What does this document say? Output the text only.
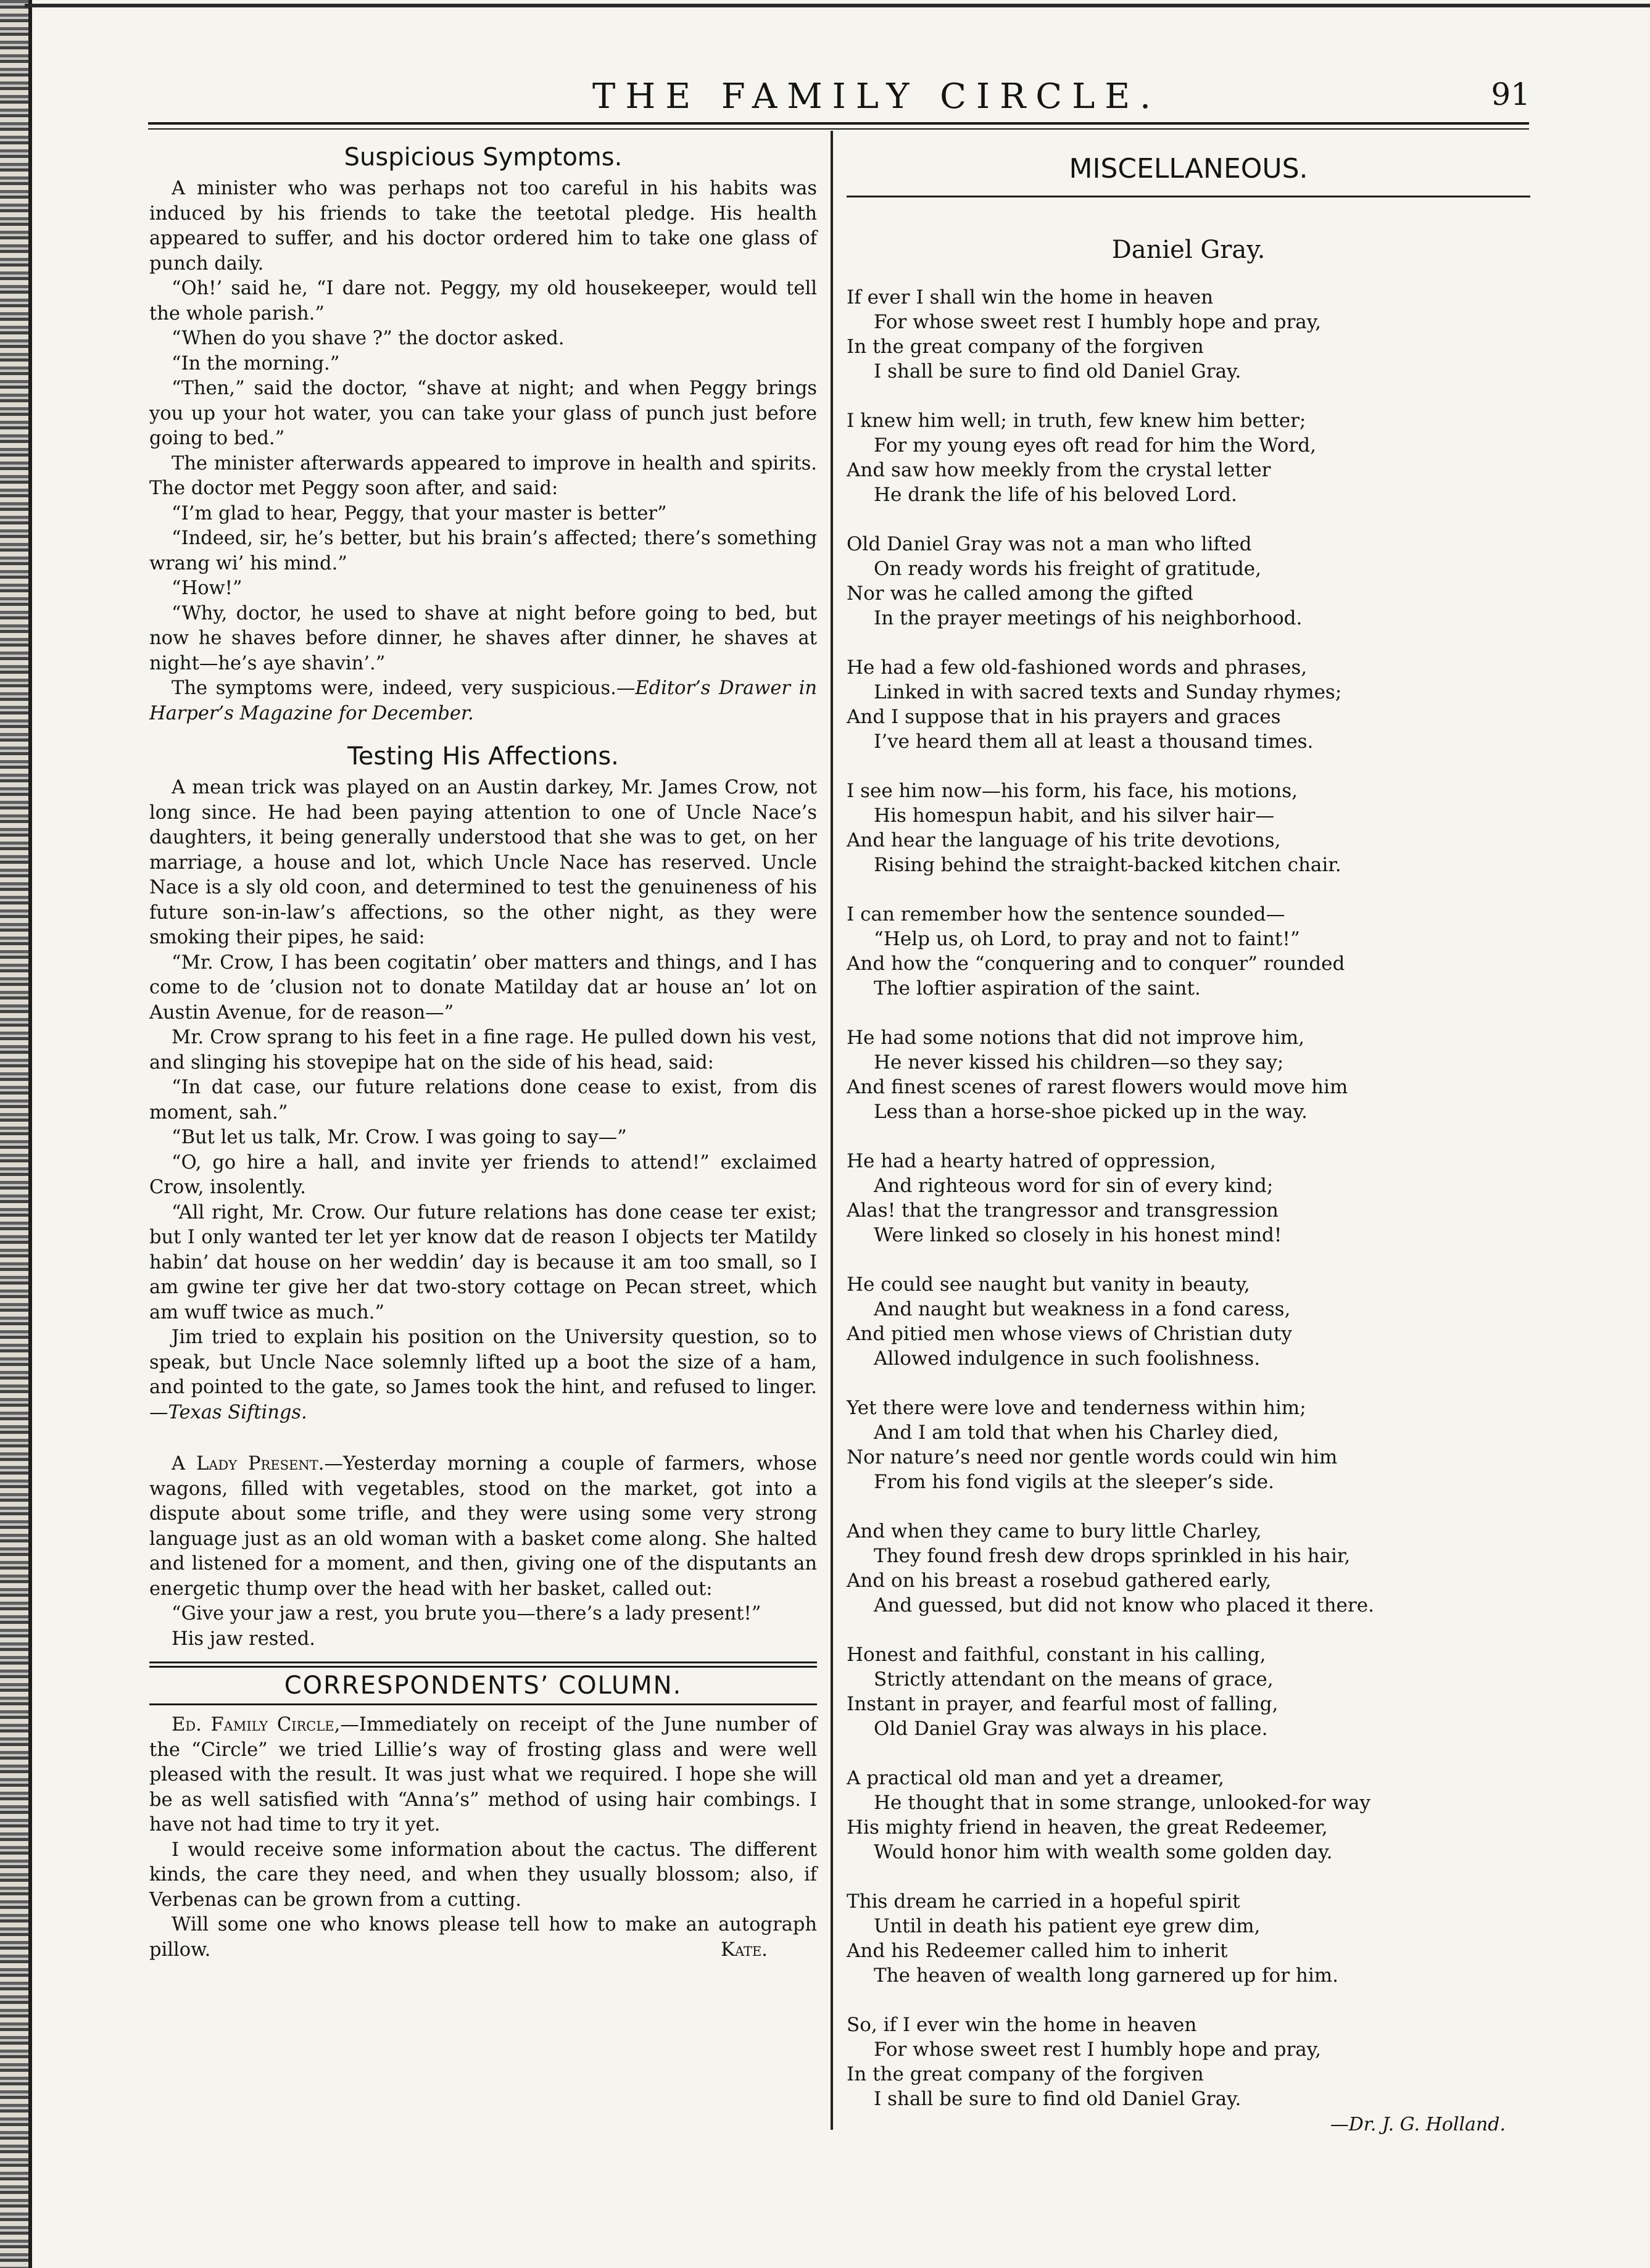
THE FAMILY CIRCLE.	91
Suspicious Symptoms.

A minister who was perhaps not too careful in his habits was induced by his friends to take the teetotal pledge. His health appeared to suffer, and his doctor ordered him to take one glass of punch daily.

“Oh!’ said he, “I dare not. Peggy, my old housekeeper, would tell the whole parish.”

“When do you shave ?” the doctor asked.

“In the morning.”

“Then,” said the doctor, “shave at night; and when Peggy brings you up your hot water, you can take your glass of punch just before going to bed.”

The minister afterwards appeared to improve in health and spirits. The doctor met Peggy soon after, and said:

“I’m glad to hear, Peggy, that your master is better”

“Indeed, sir, he’s better, but his brain’s affected; there’s something wrang wi’ his mind.”

“How!”

“Why, doctor, he used to shave at night before going to bed, but now he shaves before dinner, he shaves after dinner, he shaves at night—he’s aye shavin’.”

The symptoms were, indeed, very suspicious.—Editor’s Drawer in Harper’s Magazine for December.

Testing His Affections.

A mean trick was played on an Austin darkey, Mr. James Crow, not long since. He had been paying attention to one of Uncle Nace’s daughters, it being generally understood that she was to get, on her marriage, a house and lot, which Uncle Nace has reserved. Uncle Nace is a sly old coon, and determined to test the genuineness of his future son-in-law’s affections, so the other night, as they were smoking their pipes, he said:

“Mr. Crow, I has been cogitatin’ ober matters and things, and I has come to de ’clusion not to donate Matilday dat ar house an’ lot on Austin Avenue, for de reason—”

Mr. Crow sprang to his feet in a fine rage. He pulled down his vest, and slinging his stovepipe hat on the side of his head, said:

“In dat case, our future relations done cease to exist, from dis moment, sah.”

“But let us talk, Mr. Crow. I was going to say—”

“O, go hire a hall, and invite yer friends to attend!” exclaimed Crow, insolently.

“All right, Mr. Crow. Our future relations has done cease ter exist; but I only wanted ter let yer know dat de reason I objects ter Matildy habin’ dat house on her weddin’ day is because it am too small, so I am gwine ter give her dat two-story cottage on Pecan street, which am wuff twice as much.”

Jim tried to explain his position on the University question, so to speak, but Uncle Nace solemnly lifted up a boot the size of a ham, and pointed to the gate, so James took the hint, and refused to linger.—Texas Siftings.

A Lady Present.—Yesterday morning a couple of farmers, whose wagons, filled with vegetables, stood on the market, got into a dispute about some trifle, and they were using some very strong language just as an old woman with a basket come along. She halted and listened for a moment, and then, giving one of the disputants an energetic thump over the head with her basket, called out:

“Give your jaw a rest, you brute you—there’s a lady present!”

His jaw rested.

CORRESPONDENTS’ COLUMN.

Ed. Family Circle,—Immediately on receipt of the June number of the “Circle” we tried Lillie’s way of frosting glass and were well pleased with the result. It was just what we required. I hope she will be as well satisfied with “Anna’s” method of using hair combings. I have not had time to try it yet.

I would receive some information about the cactus. The different kinds, the care they need, and when they usually blossom; also, if Verbenas can be grown from a cutting.

Will some one who knows please tell how to make an autograph pillow.	Kate.

MISCELLANEOUS.
Daniel Gray.
If ever I shall win the home in heaven
For whose sweet rest I humbly hope and pray,
In the great company of the forgiven
I shall be sure to find old Daniel Gray.
I knew him well; in truth, few knew him better;
For my young eyes oft read for him the Word,
And saw how meekly from the crystal letter
He drank the life of his beloved Lord.
Old Daniel Gray was not a man who lifted
On ready words his freight of gratitude,
Nor was he called among the gifted
In the prayer meetings of his neighborhood.
He had a few old-fashioned words and phrases,
Linked in with sacred texts and Sunday rhymes;
And I suppose that in his prayers and graces
I’ve heard them all at least a thousand times.
I see him now—his form, his face, his motions,
His homespun habit, and his silver hair—
And hear the language of his trite devotions,
Rising behind the straight-backed kitchen chair.
I can remember how the sentence sounded—
“Help us, oh Lord, to pray and not to faint!”
And how the “conquering and to conquer” rounded
The loftier aspiration of the saint.
He had some notions that did not improve him,
He never kissed his children—so they say;
And finest scenes of rarest flowers would move him
Less than a horse-shoe picked up in the way.
He had a hearty hatred of oppression,
And righteous word for sin of every kind;
Alas! that the trangressor and transgression
Were linked so closely in his honest mind!
He could see naught but vanity in beauty,
And naught but weakness in a fond caress,
And pitied men whose views of Christian duty
Allowed indulgence in such foolishness.
Yet there were love and tenderness within him;
And I am told that when his Charley died,
Nor nature’s need nor gentle words could win him
From his fond vigils at the sleeper’s side.
And when they came to bury little Charley,
They found fresh dew drops sprinkled in his hair,
And on his breast a rosebud gathered early,
And guessed, but did not know who placed it there.
Honest and faithful, constant in his calling,
Strictly attendant on the means of grace,
Instant in prayer, and fearful most of falling,
Old Daniel Gray was always in his place.
A practical old man and yet a dreamer,
He thought that in some strange, unlooked-for way
His mighty friend in heaven, the great Redeemer,
Would honor him with wealth some golden day.
This dream he carried in a hopeful spirit
Until in death his patient eye grew dim,
And his Redeemer called him to inherit
The heaven of wealth long garnered up for him.
So, if I ever win the home in heaven
For whose sweet rest I humbly hope and pray,
In the great company of the forgiven
I shall be sure to find old Daniel Gray.
—Dr. J. G. Holland.
